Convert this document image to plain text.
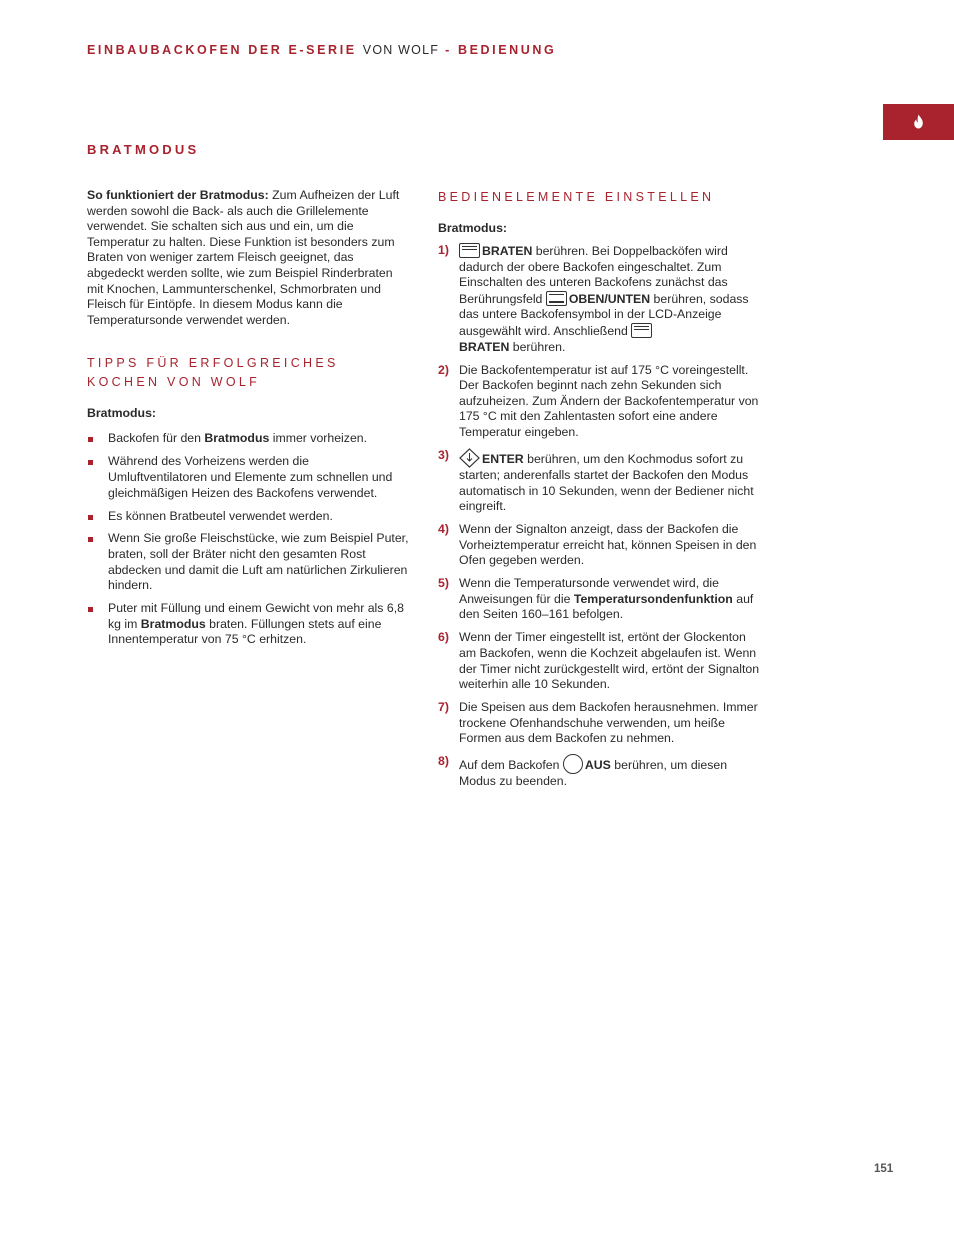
EINBAUBACKOFEN DER E-SERIE VON WOLF - BEDIENUNG
BRATMODUS

So funktioniert der Bratmodus: Zum Aufheizen der Luft werden sowohl die Back- als auch die Grillelemente verwendet. Sie schalten sich aus und ein, um die Temperatur zu halten. Diese Funktion ist besonders zum Braten von weniger zartem Fleisch geeignet, das abgedeckt werden sollte, wie zum Beispiel Rinderbraten mit Knochen, Lammunterschenkel, Schmorbraten und Fleisch für Eintöpfe. In diesem Modus kann die Temperatursonde verwendet werden.

TIPPS FÜR ERFOLGREICHES KOCHEN VON WOLF
Bratmodus:
Backofen für den Bratmodus immer vorheizen.
Während des Vorheizens werden die Umluftventilatoren und Elemente zum schnellen und gleichmäßigen Heizen des Backofens verwendet.
Es können Bratbeutel verwendet werden.
Wenn Sie große Fleischstücke, wie zum Beispiel Puter, braten, soll der Bräter nicht den gesamten Rost abdecken und damit die Luft am natürlichen Zirkulieren hindern.
Puter mit Füllung und einem Gewicht von mehr als 6,8 kg im Bratmodus braten. Füllungen stets auf eine Innentemperatur von 75 °C erhitzen.
BEDIENELEMENTE EINSTELLEN
Bratmodus:
1)	BRATEN berühren. Bei Doppelbacköfen wird dadurch der obere Backofen eingeschaltet. Zum Einschalten des unteren Backofens zunächst das Berührungsfeld OBEN/UNTEN berühren, sodass das untere Backofensymbol in der LCD-Anzeige ausgewählt wird. Anschließend
BRATEN berühren.
2) Die Backofentemperatur ist auf 175 °C voreingestellt. Der Backofen beginnt nach zehn Sekunden sich aufzuheizen. Zum Ändern der Backofentemperatur von 175 °C mit den Zahlentasten sofort eine andere Temperatur eingeben.
3)	ENTER berühren, um den Kochmodus sofort zu starten; anderenfalls startet der Backofen den Modus automatisch in 10 Sekunden, wenn der Bediener nicht eingreift.
4) Wenn der Signalton anzeigt, dass der Backofen die Vorheiztemperatur erreicht hat, können Speisen in den Ofen gegeben werden.
5) Wenn die Temperatursonde verwendet wird, die Anweisungen für die Temperatursondenfunktion auf den Seiten 160–161 befolgen.
6) Wenn der Timer eingestellt ist, ertönt der Glockenton am Backofen, wenn die Kochzeit abgelaufen ist. Wenn der Timer nicht zurückgestellt wird, ertönt der Signalton weiterhin alle 10 Sekunden.
7) Die Speisen aus dem Backofen herausnehmen. Immer trockene Ofenhandschuhe verwenden, um heiße Formen aus dem Backofen zu nehmen.
8) Auf dem Backofen AUS berühren, um diesen Modus zu beenden.
151
